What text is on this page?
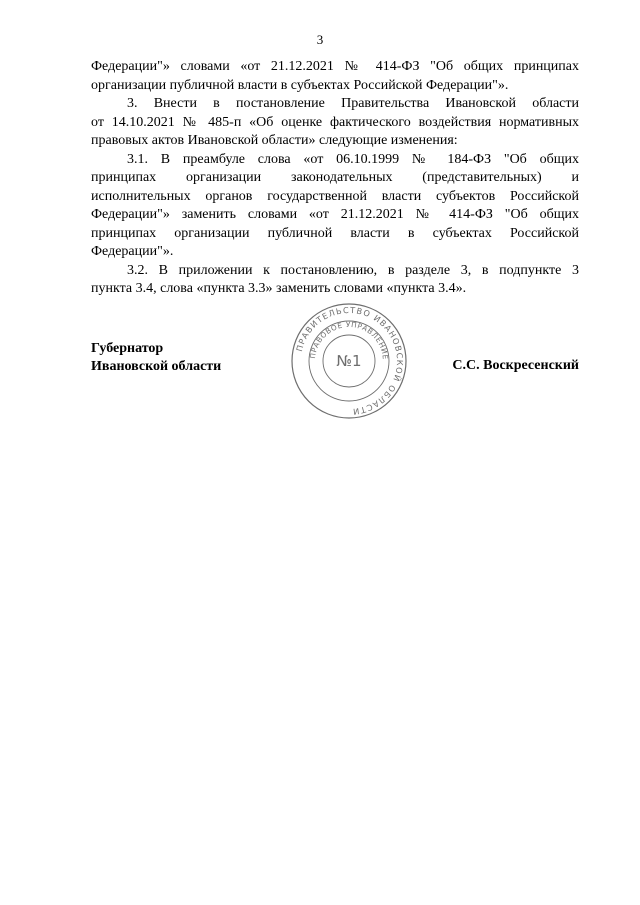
3

Федерации"» словами «от 21.12.2021 № 414-ФЗ "Об общих принципах

организации публичной власти в субъектах Российской Федерации"».

3. Внести в постановление Правительства Ивановской области

от 14.10.2021 № 485-п «Об оценке фактического воздействия нормативных

правовых актов Ивановской области» следующие изменения:

3.1. В преамбуле слова «от 06.10.1999 № 184-ФЗ "Об общих

принципах организации законодательных (представительных) и

исполнительных органов государственной власти субъектов Российской

Федерации"» заменить словами «от 21.12.2021 № 414-ФЗ "Об общих

принципах организации публичной власти в субъектах Российской

Федерации"».

3.2. В приложении к постановлению, в разделе 3, в подпункте 3

пункта 3.4, слова «пункта 3.3» заменить словами «пункта 3.4».

Губернатор
Ивановской области
ПРАВИТЕЛЬСТВО ИВАНОВСКОЙ ОБЛАСТИ
ПРАВОВОЕ УПРАВЛЕНИЕ
№1	С.С. Воскресенский
